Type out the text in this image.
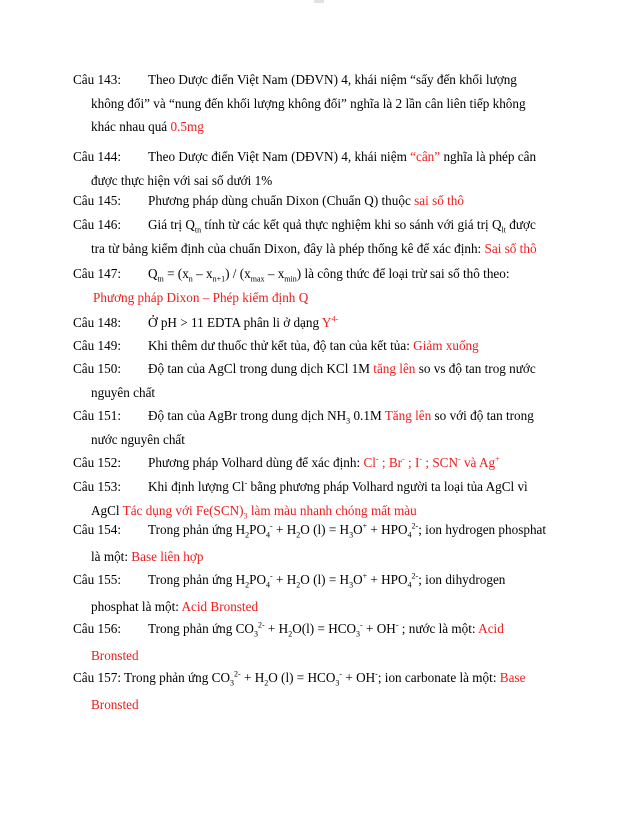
Câu 143: Theo Dược điển Việt Nam (DĐVN) 4, khái niệm “sấy đến khối lượng
không đổi” và “nung đến khối lượng không đổi” nghĩa là 2 lần cân liên tiếp không
khác nhau quá 0.5mg
Câu 144: Theo Dược điển Việt Nam (DĐVN) 4, khái niệm “cân” nghĩa là phép cân
được thực hiện với sai số dưới 1%
Câu 145: Phương pháp dùng chuẩn Dixon (Chuẩn Q) thuộc sai số thô
Câu 146: Giá trị $Q_{tn}$ tính từ các kết quả thực nghiệm khi so sánh với giá trị $Q_{lt}$ được
tra từ bảng kiểm định của chuẩn Dixon, đây là phép thống kê để xác định: Sai số thô
Câu 147: $Q_{tn} = (x_n - x_{n+1}) / (x_{max} - x_{min})$ là công thức để loại trừ sai số thô theo:
Phương pháp Dixon – Phép kiểm định Q
Câu 148: Ở pH > 11 EDTA phân li ở dạng $Y^{4-}$
Câu 149: Khi thêm dư thuốc thử kết tủa, độ tan của kết tủa: Giảm xuống
Câu 150: Độ tan của AgCl trong dung dịch KCl 1M tăng lên so vs độ tan trog nước
nguyên chất
Câu 151: Độ tan của AgBr trong dung dịch $NH_3$ 0.1M Tăng lên so với độ tan trong
nước nguyên chất
Câu 152: Phương pháp Volhard dùng để xác định: Cl- ; Br- ; I- ; SCN- và Ag+
Câu 153: Khi định lượng Cl- bằng phương pháp Volhard người ta loại tủa AgCl vì
AgCl Tác dụng với $Fe(SCN)_3$ làm màu nhanh chóng mất màu
Câu 154: Trong phản ứng $H_2PO_4^- + H_2O$ $(l) = H_3O^+ + HPO_4^{2-}$; ion hydrogen phosphat
là một: Base liên hợp
Câu 155: Trong phản ứng $H_2PO_4^- + H_2O$ $(l) = H_3O^+ + HPO_4^{2-}$; ion dihydrogen
phosphat là một: Acid Bronsted
Câu 156: Trong phản ứng $CO_3^{2-} + H_2O(l) = HCO_3^- + OH^-$ ; nước là một: Acid
Bronsted
Câu 157: Trong phản ứng $CO_3^{2-} + H_2O$ $(l) = HCO_3^- + OH^-$; ion carbonate là một: Base
Bronsted
